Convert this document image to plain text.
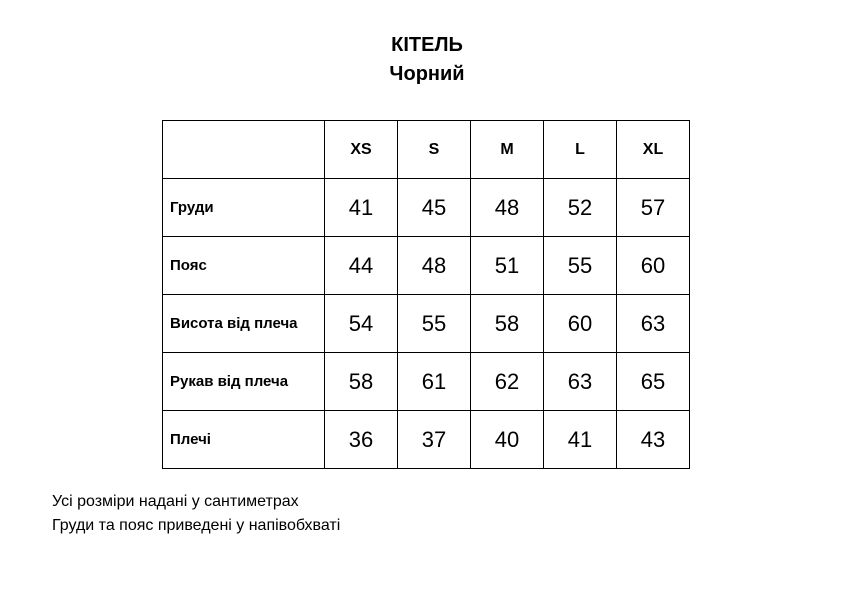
КІТЕЛЬ
Чорний
	XS	S	M	L	XL
Груди	41	45	48	52	57
Пояс	44	48	51	55	60
Висота від плеча	54	55	58	60	63
Рукав від плеча	58	61	62	63	65
Плечі	36	37	40	41	43

Усі розміри надані у сантиметрах

Груди та пояс приведені у напівобхваті
